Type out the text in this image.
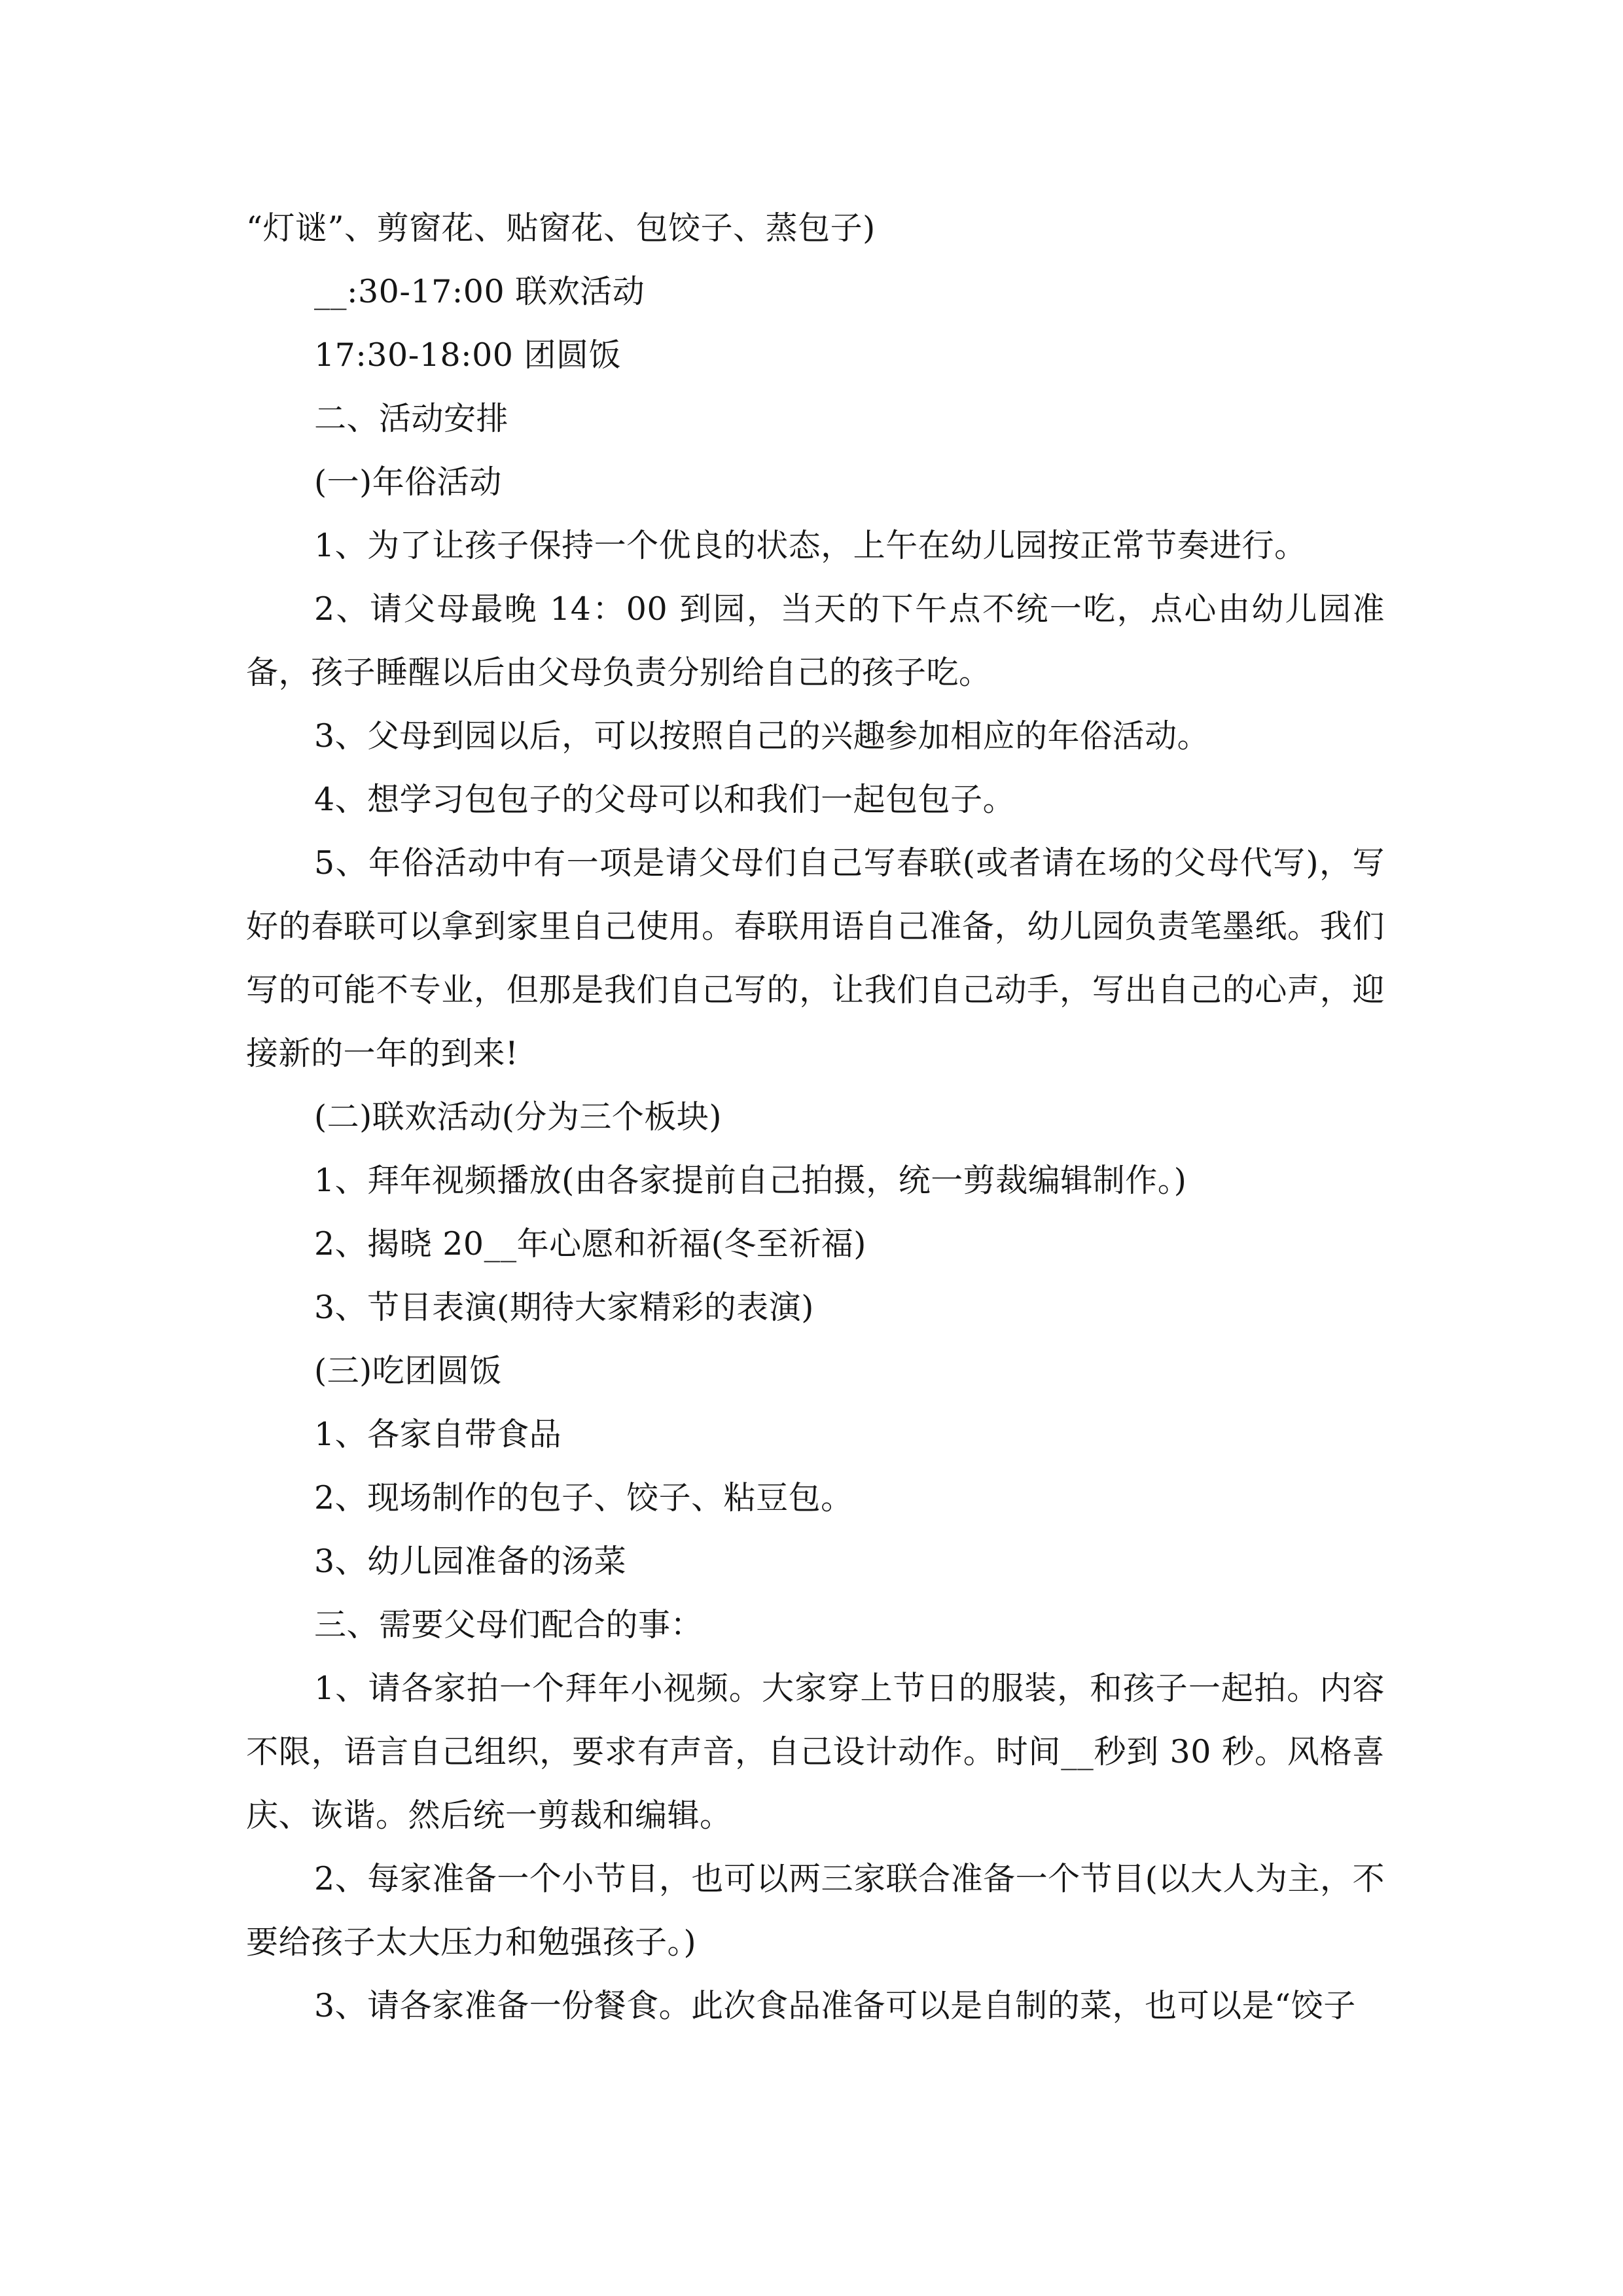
“灯谜”、剪窗花、贴窗花、包饺子、蒸包子)

__:30-17:00 联欢活动

17:30-18:00 团圆饭

二、活动安排

(一)年俗活动

1、为了让孩子保持一个优良的状态，上午在幼儿园按正常节奏进行。

2、请父母最晚 14：00 到园，当天的下午点不统一吃，点心由幼儿园准备，孩子睡醒以后由父母负责分别给自己的孩子吃。

3、父母到园以后，可以按照自己的兴趣参加相应的年俗活动。

4、想学习包包子的父母可以和我们一起包包子。

5、年俗活动中有一项是请父母们自己写春联(或者请在场的父母代写)，写好的春联可以拿到家里自己使用。春联用语自己准备，幼儿园负责笔墨纸。我们写的可能不专业，但那是我们自己写的，让我们自己动手，写出自己的心声，迎接新的一年的到来!

(二)联欢活动(分为三个板块)

1、拜年视频播放(由各家提前自己拍摄，统一剪裁编辑制作。)

2、揭晓 20__年心愿和祈福(冬至祈福)

3、节目表演(期待大家精彩的表演)

(三)吃团圆饭

1、各家自带食品

2、现场制作的包子、饺子、粘豆包。

3、幼儿园准备的汤菜

三、需要父母们配合的事：

1、请各家拍一个拜年小视频。大家穿上节日的服装，和孩子一起拍。内容不限，语言自己组织，要求有声音，自己设计动作。时间__秒到 30 秒。风格喜庆、诙谐。然后统一剪裁和编辑。

2、每家准备一个小节目，也可以两三家联合准备一个节目(以大人为主，不要给孩子太大压力和勉强孩子。)

3、请各家准备一份餐食。此次食品准备可以是自制的菜，也可以是“饺子
